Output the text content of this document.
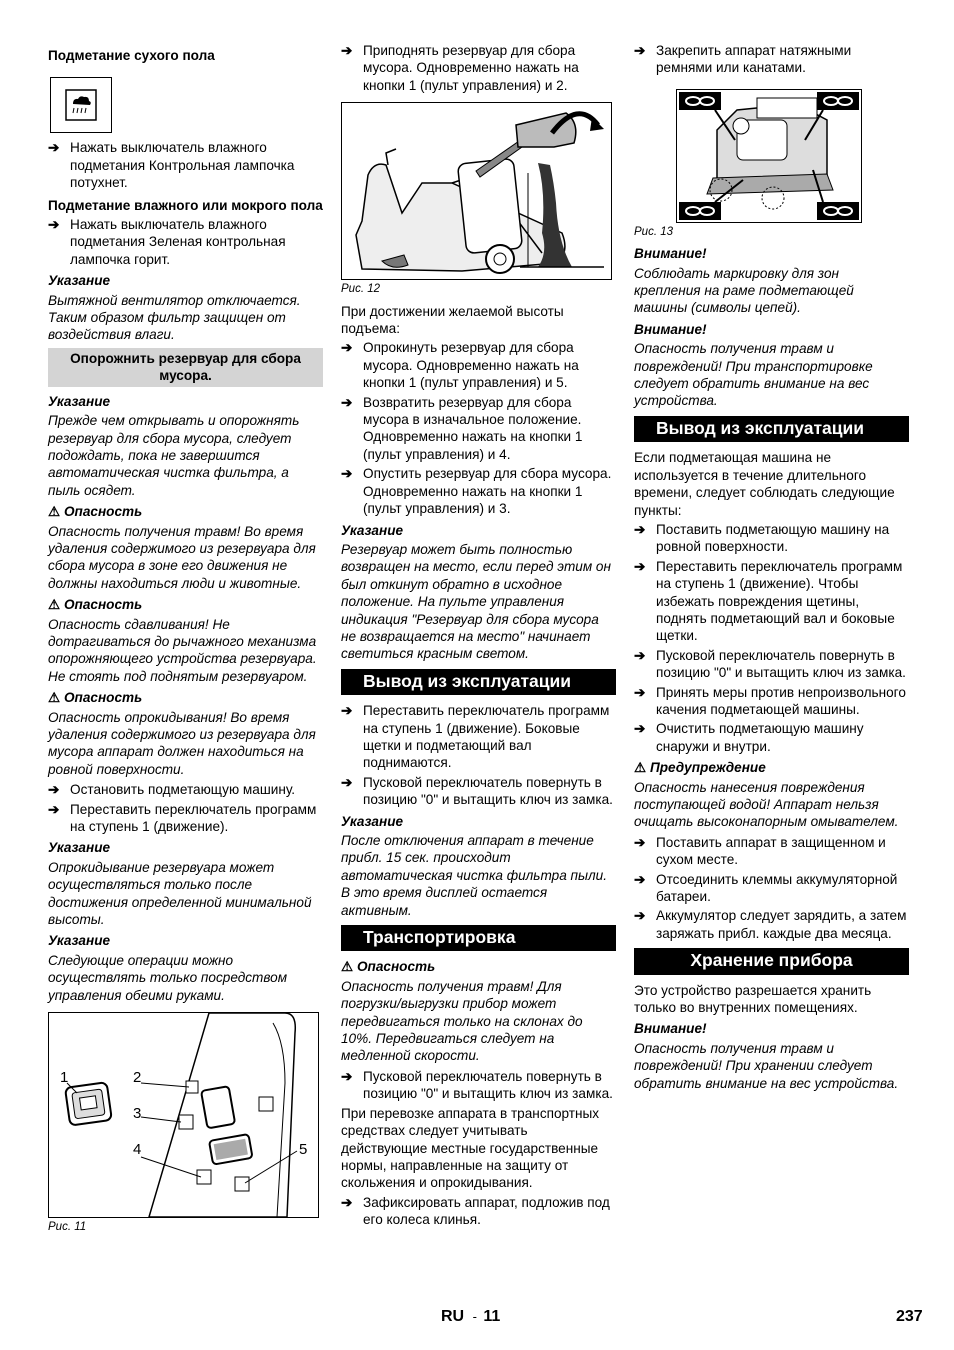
Подметание сухого пола

➔ Нажать выключатель влажного подметания Контрольная лампочка потухнет.

Подметание влажного или мокрого пола

➔ Нажать выключатель влажного подметания Зеленая контрольная лампочка горит.

Указание

Вытяжной вентилятор отключается. Таким образом фильтр защищен от воздействия влаги.

Опорожнить резервуар для сбора мусора.

Указание

Прежде чем открывать и опорожнять резервуар для сбора мусора, следует подождать, пока не завершится автоматическая чистка фильтра, а пыль осядет.

⚠ Опасность

Опасность получения травм! Во время удаления содержимого из резервуара для сбора мусора в зоне его движения не должны находиться люди и животные.

⚠ Опасность

Опасность сдавливания! Не дотрагиваться до рычажного механизма опорожняющего устройства резервуара. Не стоять под поднятым резервуаром.

⚠ Опасность

Опасность опрокидывания! Во время удаления содержимого из резервуара для мусора аппарат должен находиться на ровной поверхности.

➔ Остановить подметающую машину.
➔ Переставить переключатель программ на ступень 1 (движение).

Указание

Опрокидывание резервуара может осуществляться только после достижения определенной минимальной высоты.

Указание

Следующие операции можно осуществлять только посредством управления обеими руками.

1	2
3
4	5

Рис. 11

➔ Приподнять резервуар для сбора мусора. Одновременно нажать на кнопки 1 (пульт управления) и 2.

Рис. 12

При достижении желаемой высоты подъема:

➔ Опрокинуть резервуар для сбора мусора. Одновременно нажать на кнопки 1 (пульт управления) и 5.
➔ Возвратить резервуар для сбора мусора в изначальное положение. Одновременно нажать на кнопки 1 (пульт управления) и 4.
➔ Опустить резервуар для сбора мусора. Одновременно нажать на кнопки 1 (пульт управления) и 3.

Указание

Резервуар может быть полностью возвращен на место, если перед этим он был откинут обратно в исходное положение. На пульте управления индикация "Резервуар для сбора мусора не возвращается на место" начинает светиться красным светом.

Вывод из эксплуатации
➔ Переставить переключатель программ на ступень 1 (движение). Боковые щетки и подметающий вал поднимаются.
➔ Пусковой переключатель повернуть в позицию "0" и вытащить ключ из замка.

Указание

После отключения аппарат в течение прибл. 15 сек. происходит автоматическая чистка фильтра пыли. В это время дисплей остается активным.

Транспортировка

⚠ Опасность

Опасность получения травм! Для погрузки/выгрузки прибор может передвигаться только на склонах до 10%. Передвигаться следует на медленной скорости.

➔ Пусковой переключатель повернуть в позицию "0" и вытащить ключ из замка.

При перевозке аппарата в транспортных средствах следует учитывать действующие местные государственные нормы, направленные на защиту от скольжения и опрокидывания.

➔ Зафиксировать аппарат, подложив под его колеса клинья.
➔ Закрепить аппарат натяжными ремнями или канатами.

Рис. 13

Внимание!

Соблюдать маркировку для зон крепления на раме подметающей машины (символы цепей).

Внимание!

Опасность получения травм и повреждений! При транспортировке следует обратить внимание на вес устройства.

Вывод из эксплуатации

Если подметающая машина не используется в течение длительного времени, следует соблюдать следующие пункты:

➔ Поставить подметающую машину на ровной поверхности.
➔ Переставить переключатель программ на ступень 1 (движение). Чтобы избежать повреждения щетины, поднять подметающий вал и боковые щетки.
➔ Пусковой переключатель повернуть в позицию "0" и вытащить ключ из замка.
➔ Принять меры против непроизвольного качения подметающей машины.
➔ Очистить подметающую машину снаружи и внутри.

⚠ Предупреждение

Опасность нанесения повреждения поступающей водой! Аппарат нельзя очищать высоконапорным омывателем.

➔ Поставить аппарат в защищенном и сухом месте.
➔ Отсоединить клеммы аккумуляторной батареи.
➔ Аккумулятор следует зарядить, а затем заряжать прибл. каждые два месяца.
Хранение прибора

Это устройство разрешается хранить только во внутренних помещениях.

Внимание!

Опасность получения травм и повреждений! При хранении следует обратить внимание на вес устройства.

RU - 11	237
